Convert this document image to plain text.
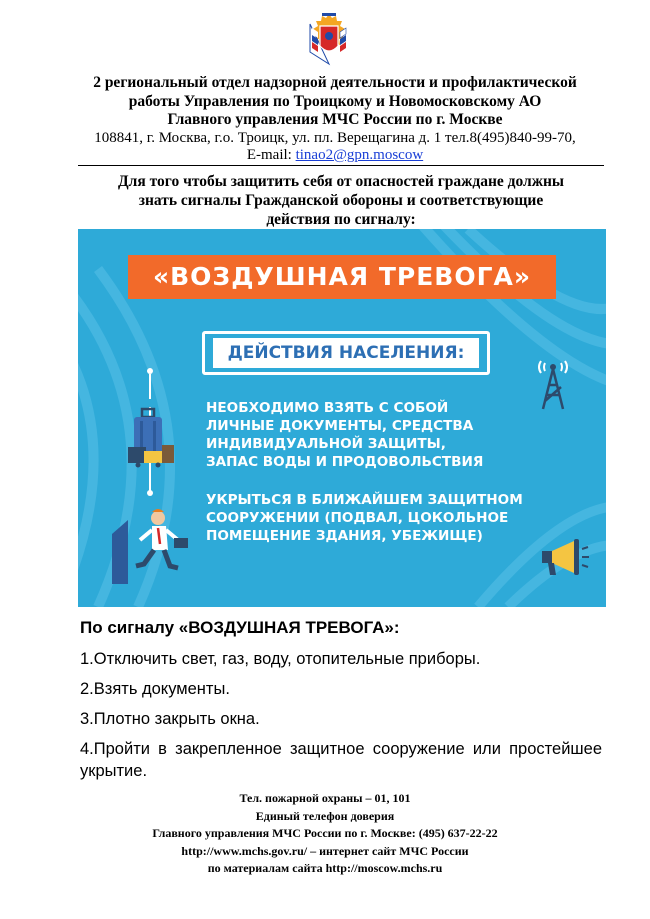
2 региональный отдел надзорной деятельности и профилактической
работы Управления по Троицкому и Новомосковскому АО
Главного управления МЧС России по г. Москве
108841, г. Москва, г.о. Троицк, ул. пл. Верещагина д. 1 тел.8(495)840-99-70,
E-mail: tinao2@gpn.moscow
Для того чтобы защитить себя от опасностей граждане должны
знать сигналы Гражданской обороны и соответствующие
действия по сигналу:
«ВОЗДУШНАЯ ТРЕВОГА»
ДЕЙСТВИЯ НАСЕЛЕНИЯ:

НЕОБХОДИМО ВЗЯТЬ С СОБОЙ
ЛИЧНЫЕ ДОКУМЕНТЫ, СРЕДСТВА
ИНДИВИДУАЛЬНОЙ ЗАЩИТЫ,
ЗАПАС ВОДЫ И ПРОДОВОЛЬСТВИЯ

УКРЫТЬСЯ В БЛИЖАЙШЕМ ЗАЩИТНОМ
СООРУЖЕНИИ (ПОДВАЛ, ЦОКОЛЬНОЕ
ПОМЕЩЕНИЕ ЗДАНИЯ, УБЕЖИЩЕ)

По сигналу «ВОЗДУШНАЯ ТРЕВОГА»:
1.Отключить свет, газ, воду, отопительные приборы.
2.Взять документы.
3.Плотно закрыть окна.
4.Пройти в закрепленное защитное сооружение или простейшее укрытие.
Тел. пожарной охраны – 01, 101
Единый телефон доверия
Главного управления МЧС России по г. Москве: (495) 637-22-22
http://www.mchs.gov.ru/ – интернет сайт МЧС России
по материалам сайта http://moscow.mchs.ru
